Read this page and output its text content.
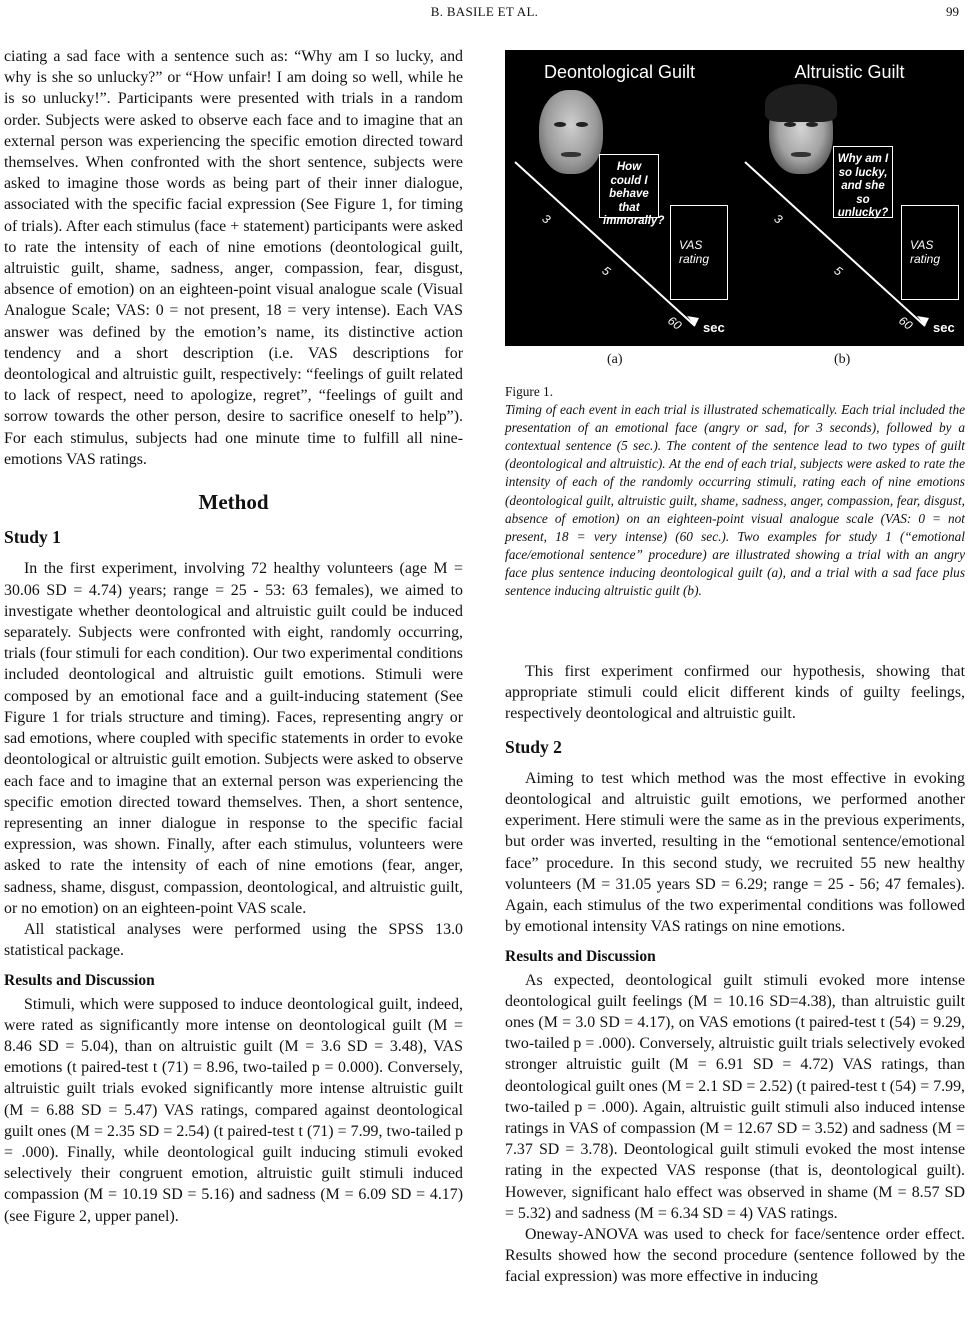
B. BASILE ET AL.	99

ciating a sad face with a sentence such as: “Why am I so lucky, and why is she so unlucky?” or “How unfair! I am doing so well, while he is so unlucky!”. Participants were presented with trials in a random order. Subjects were asked to observe each face and to imagine that an external person was experiencing the specific emotion directed toward themselves. When confronted with the short sentence, subjects were asked to imagine those words as being part of their inner dialogue, associated with the specific facial expression (See Figure 1, for timing of trials). After each stimulus (face + statement) participants were asked to rate the intensity of each of nine emotions (deontological guilt, altruistic guilt, shame, sadness, anger, compassion, fear, disgust, absence of emotion) on an eighteen-point visual analogue scale (Visual Analogue Scale; VAS: 0 = not present, 18 = very intense). Each VAS answer was defined by the emotion’s name, its distinctive action tendency and a short description (i.e. VAS descriptions for deontological and altruistic guilt, respectively: “feelings of guilt related to lack of respect, need to apologize, regret”, “feelings of guilt and sorrow towards the other person, desire to sacrifice oneself to help”). For each stimulus, subjects had one minute time to fulfill all nine-emotions VAS ratings.

Method
Study 1

In the first experiment, involving 72 healthy volunteers (age M = 30.06 SD = 4.74) years; range = 25 - 53: 63 females), we aimed to investigate whether deontological and altruistic guilt could be induced separately. Subjects were confronted with eight, randomly occurring, trials (four stimuli for each condition). Our two experimental conditions included deontological and altruistic guilt emotions. Stimuli were composed by an emotional face and a guilt-inducing statement (See Figure 1 for trials structure and timing). Faces, representing angry or sad emotions, where coupled with specific statements in order to evoke deontological or altruistic guilt emotion. Subjects were asked to observe each face and to imagine that an external person was experiencing the specific emotion directed toward themselves. Then, a short sentence, representing an inner dialogue in response to the specific facial expression, was shown. Finally, after each stimulus, volunteers were asked to rate the intensity of each of nine emotions (fear, anger, sadness, shame, disgust, compassion, deontological, and altruistic guilt, or no emotion) on an eighteen-point VAS scale.

All statistical analyses were performed using the SPSS 13.0 statistical package.

Results and Discussion

Stimuli, which were supposed to induce deontological guilt, indeed, were rated as significantly more intense on deontological guilt (M = 8.46 SD = 5.04), than on altruistic guilt (M = 3.6 SD = 3.48), VAS emotions (t paired-test t (71) = 8.96, two-tailed p = 0.000). Conversely, altruistic guilt trials evoked significantly more intense altruistic guilt (M = 6.88 SD = 5.47) VAS ratings, compared against deontological guilt ones (M = 2.35 SD = 2.54) (t paired-test t (71) = 7.99, two-tailed p = .000). Finally, while deontological guilt inducing stimuli evoked selectively their congruent emotion, altruistic guilt stimuli induced compassion (M = 10.19 SD = 5.16) and sadness (M = 6.09 SD = 4.17) (see Figure 2, upper panel).

Deontological Guilt
How could I behave that immorally?
VAS rating
3
5
60 sec
Altruistic Guilt
Why am I so lucky, and she so unlucky?
VAS rating
3
5
60 sec
(a)	(b)
Figure 1.
Timing of each event in each trial is illustrated schematically. Each trial included the presentation of an emotional face (angry or sad, for 3 seconds), followed by a contextual sentence (5 sec.). The content of the sentence lead to two types of guilt (deontological and altruistic). At the end of each trial, subjects were asked to rate the intensity of each of the randomly occurring stimuli, rating each of nine emotions (deontological guilt, altruistic guilt, shame, sadness, anger, compassion, fear, disgust, absence of emotion) on an eighteen-point visual analogue scale (VAS: 0 = not present, 18 = very intense) (60 sec.). Two examples for study 1 (“emotional face/emotional sentence” procedure) are illustrated showing a trial with an angry face plus sentence inducing deontological guilt (a), and a trial with a sad face plus sentence inducing altruistic guilt (b).

This first experiment confirmed our hypothesis, showing that appropriate stimuli could elicit different kinds of guilty feelings, respectively deontological and altruistic guilt.

Study 2

Aiming to test which method was the most effective in evoking deontological and altruistic guilt emotions, we performed another experiment. Here stimuli were the same as in the previous experiments, but order was inverted, resulting in the “emotional sentence/emotional face” procedure. In this second study, we recruited 55 new healthy volunteers (M = 31.05 years SD = 6.29; range = 25 - 56; 47 females). Again, each stimulus of the two experimental conditions was followed by emotional intensity VAS ratings on nine emotions.

Results and Discussion

As expected, deontological guilt stimuli evoked more intense deontological guilt feelings (M = 10.16 SD=4.38), than altruistic guilt ones (M = 3.0 SD = 4.17), on VAS emotions (t paired-test t (54) = 9.29, two-tailed p = .000). Conversely, altruistic guilt trials selectively evoked stronger altruistic guilt (M = 6.91 SD = 4.72) VAS ratings, than deontological guilt ones (M = 2.1 SD = 2.52) (t paired-test t (54) = 7.99, two-tailed p = .000). Again, altruistic guilt stimuli also induced intense ratings in VAS of compassion (M = 12.67 SD = 3.52) and sadness (M = 7.37 SD = 3.78). Deontological guilt stimuli evoked the most intense rating in the expected VAS response (that is, deontological guilt). However, significant halo effect was observed in shame (M = 8.57 SD = 5.32) and sadness (M = 6.34 SD = 4) VAS ratings.

Oneway-ANOVA was used to check for face/sentence order effect. Results showed how the second procedure (sentence followed by the facial expression) was more effective in inducing
